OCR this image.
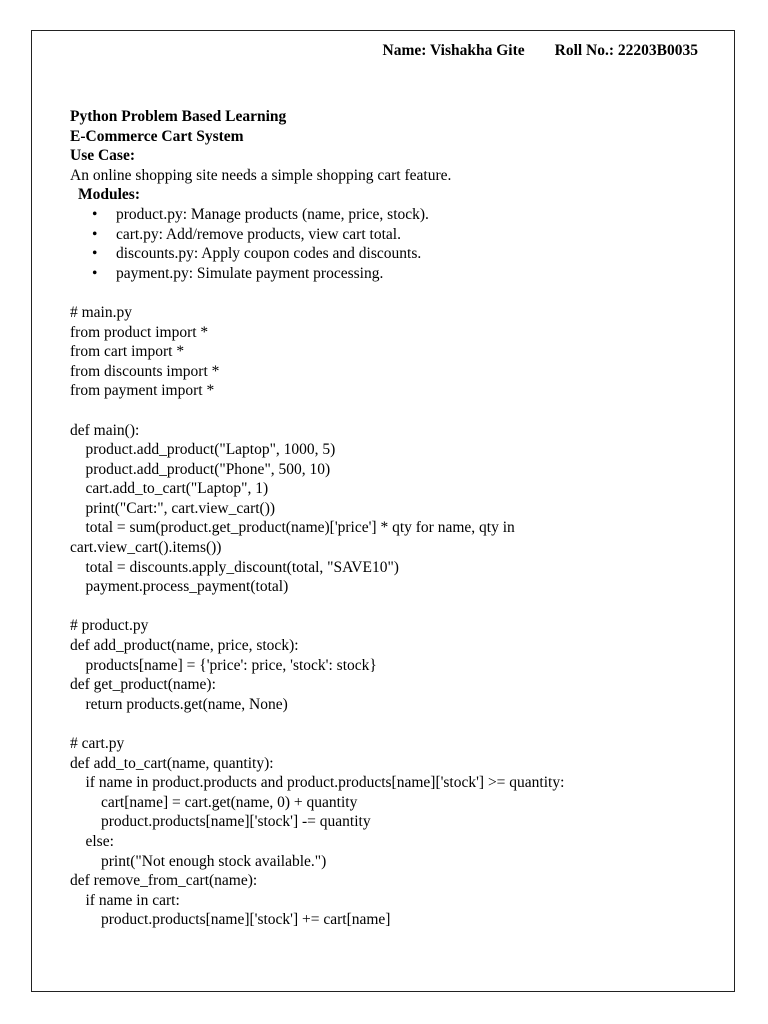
Name: Vishakha Gite Roll No.: 22203B0035

Python Problem Based Learning

E-Commerce Cart System

Use Case:

An online shopping site needs a simple shopping cart feature.

Modules:

• product.py: Manage products (name, price, stock).
• cart.py: Add/remove products, view cart total.
• discounts.py: Apply coupon codes and discounts.
• payment.py: Simulate payment processing.

# main.py

from product import *

from cart import *

from discounts import *

from payment import *

def main():

product.add_product("Laptop", 1000, 5)

product.add_product("Phone", 500, 10)

cart.add_to_cart("Laptop", 1)

print("Cart:", cart.view_cart())

total = sum(product.get_product(name)['price'] * qty for name, qty in

cart.view_cart().items())

total = discounts.apply_discount(total, "SAVE10")

payment.process_payment(total)

# product.py

def add_product(name, price, stock):

products[name] = {'price': price, 'stock': stock}

def get_product(name):

return products.get(name, None)

# cart.py

def add_to_cart(name, quantity):

if name in product.products and product.products[name]['stock'] >= quantity:

cart[name] = cart.get(name, 0) + quantity

product.products[name]['stock'] -= quantity

else:

print("Not enough stock available.")

def remove_from_cart(name):

if name in cart:

product.products[name]['stock'] += cart[name]
